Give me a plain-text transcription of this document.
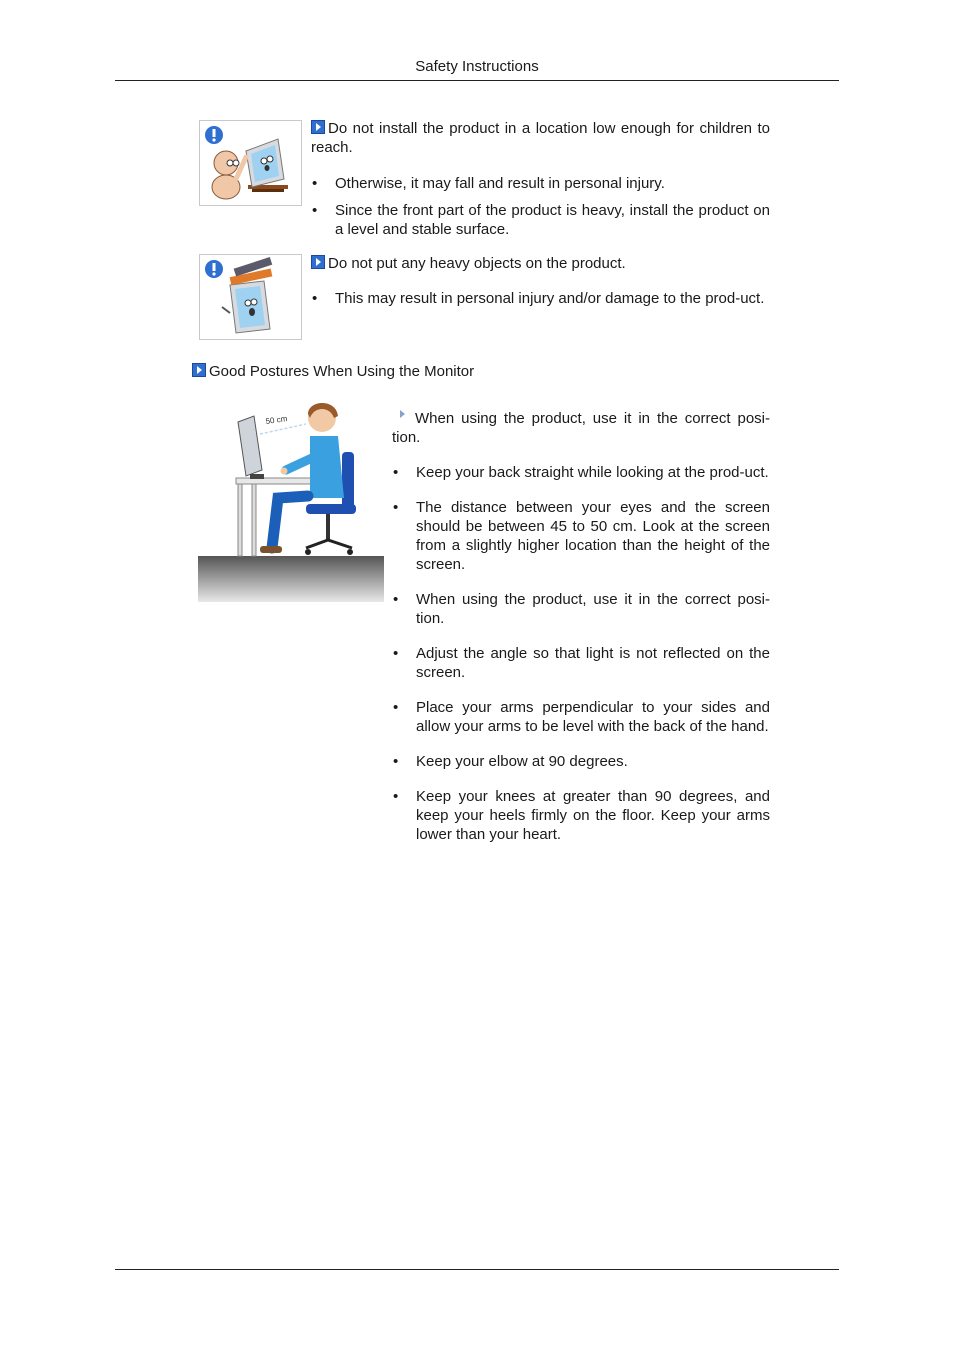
Safety Instructions

Do not install the product in a location low enough for children to reach.

• Otherwise, it may fall and result in personal injury.
• Since the front part of the product is heavy, install the product on a level and stable surface.

Do not put any heavy objects on the product.

• This may result in personal injury and/or damage to the prod-uct.
Good Postures When Using the Monitor
50 cm	When using the product, use it in the correct posi-tion.

• Keep your back straight while looking at the prod-uct.
• The distance between your eyes and the screen should be between 45 to 50 cm. Look at the screen from a slightly higher location than the height of the screen.
• When using the product, use it in the correct posi-tion.
• Adjust the angle so that light is not reflected on the screen.
• Place your arms perpendicular to your sides and allow your arms to be level with the back of the hand.
• Keep your elbow at 90 degrees.
• Keep your knees at greater than 90 degrees, and keep your heels firmly on the floor. Keep your arms lower than your heart.
